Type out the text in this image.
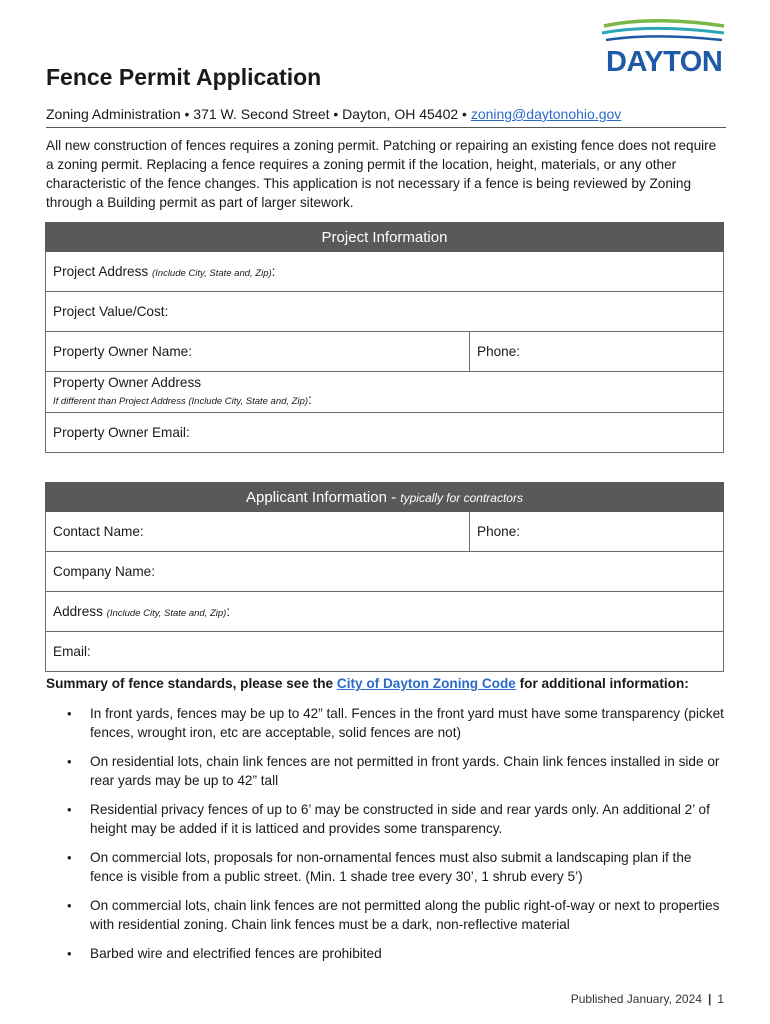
DAYTON
Fence Permit Application
Zoning Administration • 371 W. Second Street • Dayton, OH 45402 • zoning@daytonohio.gov
All new construction of fences requires a zoning permit. Patching or repairing an existing fence does not require a zoning permit. Replacing a fence requires a zoning permit if the location, height, materials, or any other characteristic of the fence changes. This application is not necessary if a fence is being reviewed by Zoning through a Building permit as part of larger sitework.
Project Information
Project Address (Include City, State and, Zip):
Project Value/Cost:
Property Owner Name:	Phone:

Property Owner Address
If different than Project Address (Include City, State and, Zip):

Property Owner Email:
Applicant Information - typically for contractors
Contact Name:	Phone:
Company Name:
Address (Include City, State and, Zip):
Email:
Summary of fence standards, please see the City of Dayton Zoning Code for additional information:
• In front yards, fences may be up to 42” tall. Fences in the front yard must have some transparency (picket fences, wrought iron, etc are acceptable, solid fences are not)
• On residential lots, chain link fences are not permitted in front yards. Chain link fences installed in side or rear yards may be up to 42” tall
• Residential privacy fences of up to 6’ may be constructed in side and rear yards only. An additional 2’ of height may be added if it is latticed and provides some transparency.
• On commercial lots, proposals for non-ornamental fences must also submit a landscaping plan if the fence is visible from a public street. (Min. 1 shade tree every 30’, 1 shrub every 5’)
• On commercial lots, chain link fences are not permitted along the public right-of-way or next to properties with residential zoning. Chain link fences must be a dark, non-reflective material
• Barbed wire and electrified fences are prohibited
Published January, 2024 | 1
